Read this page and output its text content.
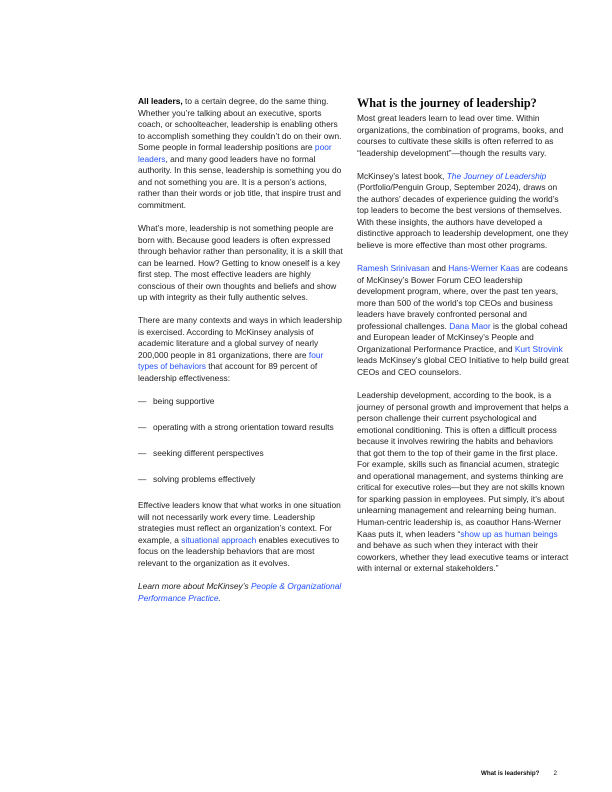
All leaders, to a certain degree, do the same thing. Whether you’re talking about an executive, sports coach, or schoolteacher, leadership is enabling others to accomplish something they couldn’t do on their own. Some people in formal leadership positions are poor leaders, and many good leaders have no formal authority. In this sense, leadership is something you do and not something you are. It is a person’s actions, rather than their words or job title, that inspire trust and commitment.

What’s more, leadership is not something people are born with. Because good leaders is often expressed through behavior rather than personality, it is a skill that can be learned. How? Getting to know oneself is a key first step. The most effective leaders are highly conscious of their own thoughts and beliefs and show up with integrity as their fully authentic selves.

There are many contexts and ways in which leadership is exercised. According to McKinsey analysis of academic literature and a global survey of nearly 200,000 people in 81 organizations, there are four types of behaviors that account for 89 percent of leadership effectiveness:

— being supportive
— operating with a strong orientation toward results
— seeking different perspectives
— solving problems effectively

Effective leaders know that what works in one situation will not necessarily work every time. Leadership strategies must reflect an organization’s context. For example, a situational approach enables executives to focus on the leadership behaviors that are most relevant to the organization as it evolves.

Learn more about McKinsey’s People & Organizational Performance Practice.

What is the journey of leadership?

Most great leaders learn to lead over time. Within organizations, the combination of programs, books, and courses to cultivate these skills is often referred to as “leadership development”—though the results vary.

McKinsey’s latest book, The Journey of Leadership (Portfolio/Penguin Group, September 2024), draws on the authors’ decades of experience guiding the world’s top leaders to become the best versions of themselves. With these insights, the authors have developed a distinctive approach to leadership development, one they believe is more effective than most other programs.

Ramesh Srinivasan and Hans-Werner Kaas are codeans of McKinsey’s Bower Forum CEO leadership development program, where, over the past ten years, more than 500 of the world’s top CEOs and business leaders have bravely confronted personal and professional challenges. Dana Maor is the global cohead and European leader of McKinsey’s People and Organizational Performance Practice, and Kurt Strovink leads McKinsey’s global CEO Initiative to help build great CEOs and CEO counselors.

Leadership development, according to the book, is a journey of personal growth and improvement that helps a person challenge their current psychological and emotional conditioning. This is often a difficult process because it involves rewiring the habits and behaviors that got them to the top of their game in the first place. For example, skills such as financial acumen, strategic and operational management, and systems thinking are critical for executive roles—but they are not skills known for sparking passion in employees. Put simply, it’s about unlearning management and relearning being human. Human-centric leadership is, as coauthor Hans-Werner Kaas puts it, when leaders “show up as human beings and behave as such when they interact with their coworkers, whether they lead executive teams or interact with internal or external stakeholders.”

What is leadership? 2
